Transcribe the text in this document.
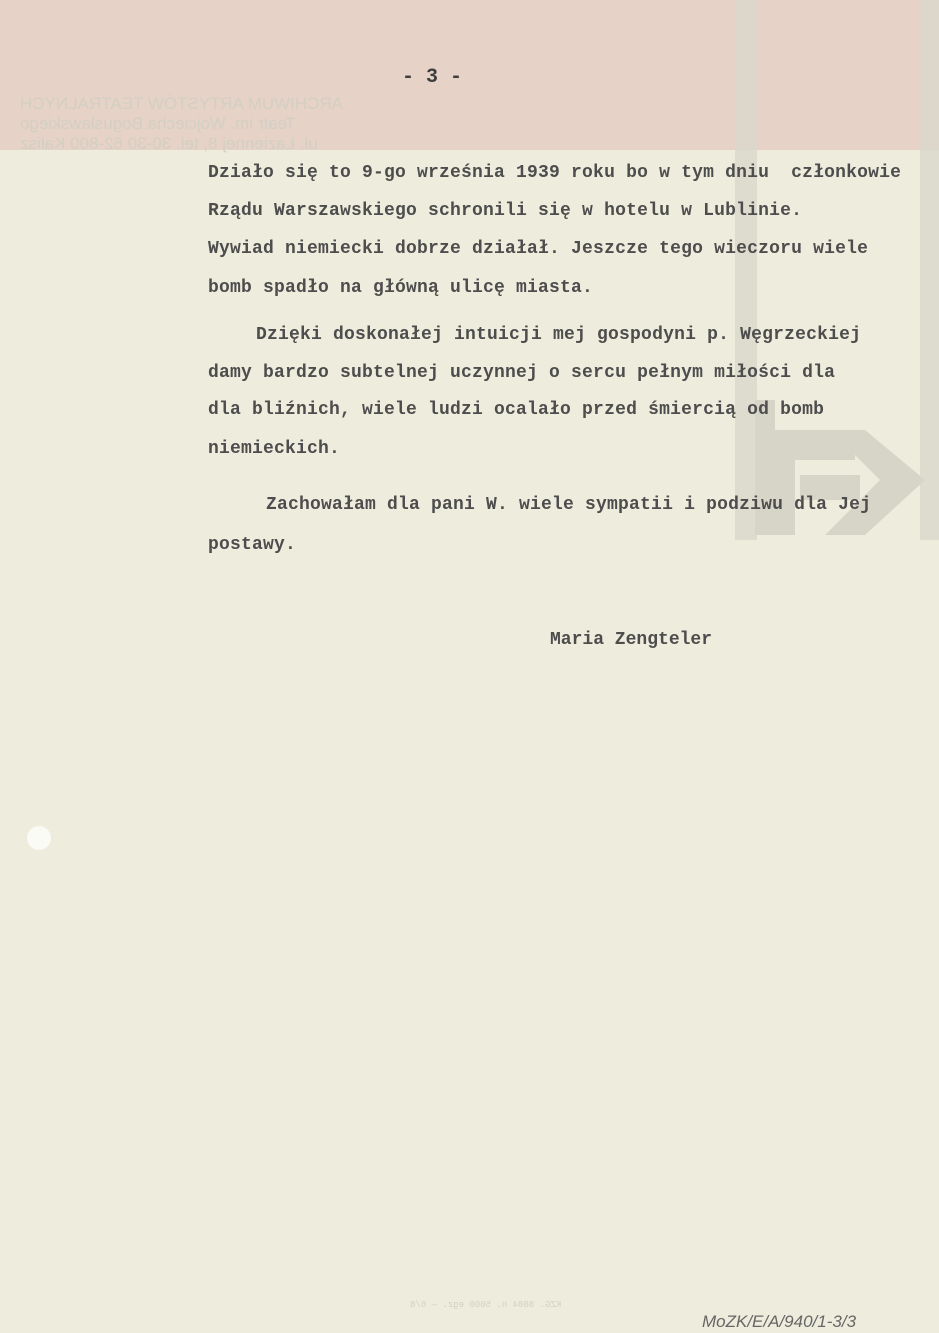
ARCHIWUM ARTYSTÓW TEATRALNYCH
Teatr im. Wojciecha Bogusławskiego
ul. Łaziennej 8, tel. 30-30 62-800 Kalisz
- 3 -
Działo się to 9-go września 1939 roku bo w tym dniu  członkowie
Rządu Warszawskiego schronili się w hotelu w Lublinie.
Wywiad niemiecki dobrze działał. Jeszcze tego wieczoru wiele
bomb spadło na główną ulicę miasta.
Dzięki doskonałej intuicji mej gospodyni p. Węgrzeckiej
damy bardzo subtelnej uczynnej o sercu pełnym miłości dla
dla bliźnich, wiele ludzi ocalało przed śmiercią od bomb
niemieckich.
Zachowałam dla pani W. wiele sympatii i podziwu dla Jej
postawy.
Maria Zengteler
KZG. 8884 n. 5000 egz. — 6/8
MoZK/E/A/940/1-3/3
